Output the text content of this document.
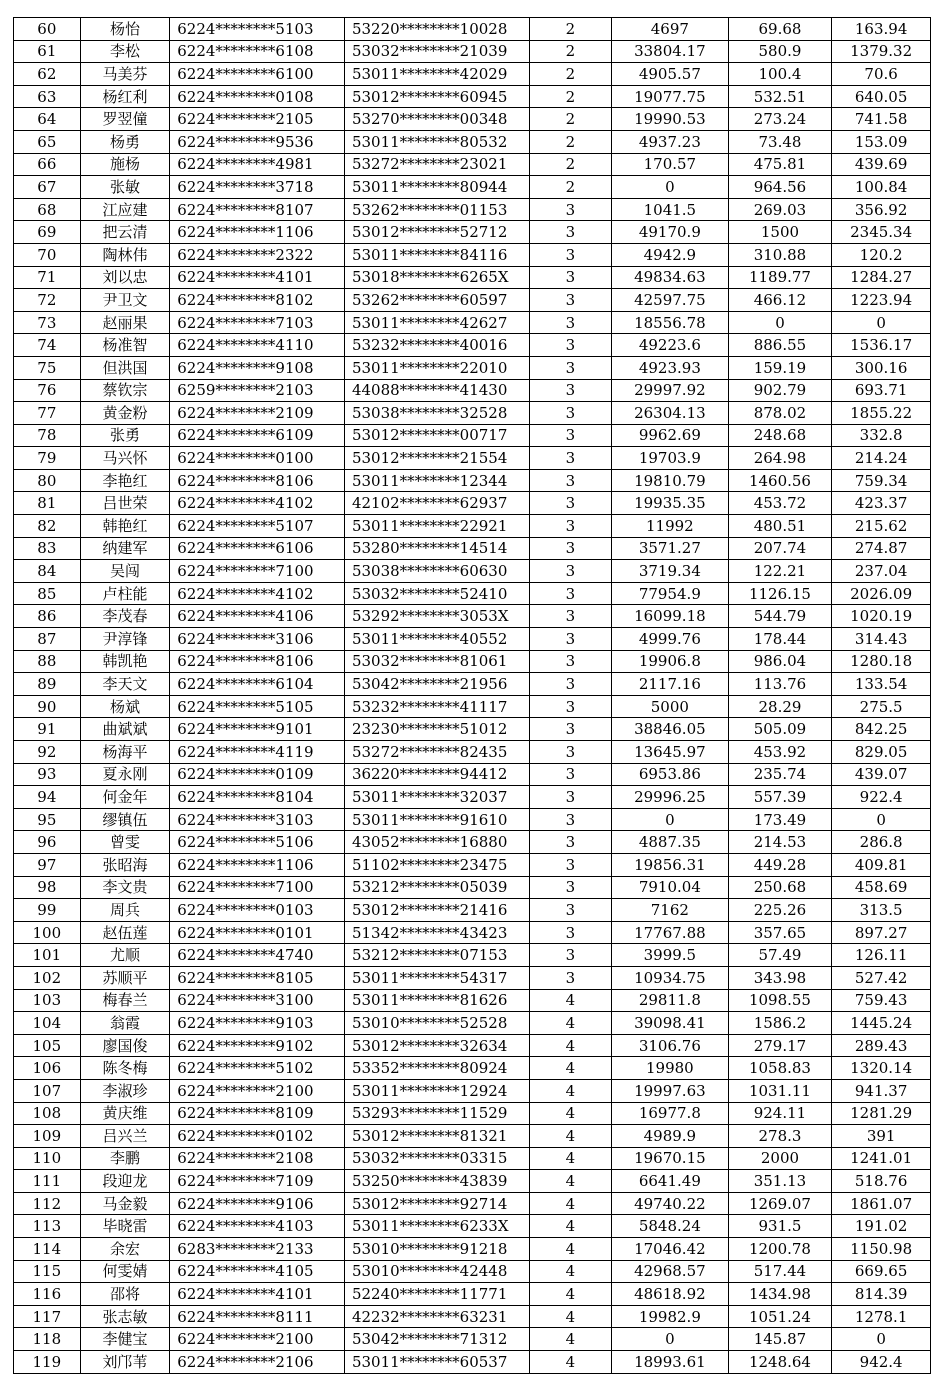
60	杨怡	6224********5103	53220********10028	2	4697	69.68	163.94
61	李松	6224********6108	53032********21039	2	33804.17	580.9	1379.32
62	马美芬	6224********6100	53011********42029	2	4905.57	100.4	70.6
63	杨红利	6224********0108	53012********60945	2	19077.75	532.51	640.05
64	罗翌僮	6224********2105	53270********00348	2	19990.53	273.24	741.58
65	杨勇	6224********9536	53011********80532	2	4937.23	73.48	153.09
66	施杨	6224********4981	53272********23021	2	170.57	475.81	439.69
67	张敏	6224********3718	53011********80944	2	0	964.56	100.84
68	江应建	6224********8107	53262********01153	3	1041.5	269.03	356.92
69	把云清	6224********1106	53012********52712	3	49170.9	1500	2345.34
70	陶林伟	6224********2322	53011********84116	3	4942.9	310.88	120.2
71	刘以忠	6224********4101	53018********6265X	3	49834.63	1189.77	1284.27
72	尹卫文	6224********8102	53262********60597	3	42597.75	466.12	1223.94
73	赵丽果	6224********7103	53011********42627	3	18556.78	0	0
74	杨准智	6224********4110	53232********40016	3	49223.6	886.55	1536.17
75	但洪国	6224********9108	53011********22010	3	4923.93	159.19	300.16
76	蔡钦宗	6259********2103	44088********41430	3	29997.92	902.79	693.71
77	黄金粉	6224********2109	53038********32528	3	26304.13	878.02	1855.22
78	张勇	6224********6109	53012********00717	3	9962.69	248.68	332.8
79	马兴怀	6224********0100	53012********21554	3	19703.9	264.98	214.24
80	李艳红	6224********8106	53011********12344	3	19810.79	1460.56	759.34
81	吕世荣	6224********4102	42102********62937	3	19935.35	453.72	423.37
82	韩艳红	6224********5107	53011********22921	3	11992	480.51	215.62
83	纳建军	6224********6106	53280********14514	3	3571.27	207.74	274.87
84	吴闯	6224********7100	53038********60630	3	3719.34	122.21	237.04
85	卢柱能	6224********4102	53032********52410	3	77954.9	1126.15	2026.09
86	李茂春	6224********4106	53292********3053X	3	16099.18	544.79	1020.19
87	尹淳锋	6224********3106	53011********40552	3	4999.76	178.44	314.43
88	韩凯艳	6224********8106	53032********81061	3	19906.8	986.04	1280.18
89	李天文	6224********6104	53042********21956	3	2117.16	113.76	133.54
90	杨斌	6224********5105	53232********41117	3	5000	28.29	275.5
91	曲斌斌	6224********9101	23230********51012	3	38846.05	505.09	842.25
92	杨海平	6224********4119	53272********82435	3	13645.97	453.92	829.05
93	夏永刚	6224********0109	36220********94412	3	6953.86	235.74	439.07
94	何金年	6224********8104	53011********32037	3	29996.25	557.39	922.4
95	缪镇伍	6224********3103	53011********91610	3	0	173.49	0
96	曾雯	6224********5106	43052********16880	3	4887.35	214.53	286.8
97	张昭海	6224********1106	51102********23475	3	19856.31	449.28	409.81
98	李文贵	6224********7100	53212********05039	3	7910.04	250.68	458.69
99	周兵	6224********0103	53012********21416	3	7162	225.26	313.5
100	赵伍莲	6224********0101	51342********43423	3	17767.88	357.65	897.27
101	尤顺	6224********4740	53212********07153	3	3999.5	57.49	126.11
102	苏顺平	6224********8105	53011********54317	3	10934.75	343.98	527.42
103	梅春兰	6224********3100	53011********81626	4	29811.8	1098.55	759.43
104	翁霞	6224********9103	53010********52528	4	39098.41	1586.2	1445.24
105	廖国俊	6224********9102	53012********32634	4	3106.76	279.17	289.43
106	陈冬梅	6224********5102	53352********80924	4	19980	1058.83	1320.14
107	李淑珍	6224********2100	53011********12924	4	19997.63	1031.11	941.37
108	黄庆维	6224********8109	53293********11529	4	16977.8	924.11	1281.29
109	吕兴兰	6224********0102	53012********81321	4	4989.9	278.3	391
110	李鹏	6224********2108	53032********03315	4	19670.15	2000	1241.01
111	段迎龙	6224********7109	53250********43839	4	6641.49	351.13	518.76
112	马金毅	6224********9106	53012********92714	4	49740.22	1269.07	1861.07
113	毕晓雷	6224********4103	53011********6233X	4	5848.24	931.5	191.02
114	余宏	6283********2133	53010********91218	4	17046.42	1200.78	1150.98
115	何雯婧	6224********4105	53010********42448	4	42968.57	517.44	669.65
116	邵将	6224********4101	52240********11771	4	48618.92	1434.98	814.39
117	张志敏	6224********8111	42232********63231	4	19982.9	1051.24	1278.1
118	李健宝	6224********2100	53042********71312	4	0	145.87	0
119	刘邝苇	6224********2106	53011********60537	4	18993.61	1248.64	942.4
